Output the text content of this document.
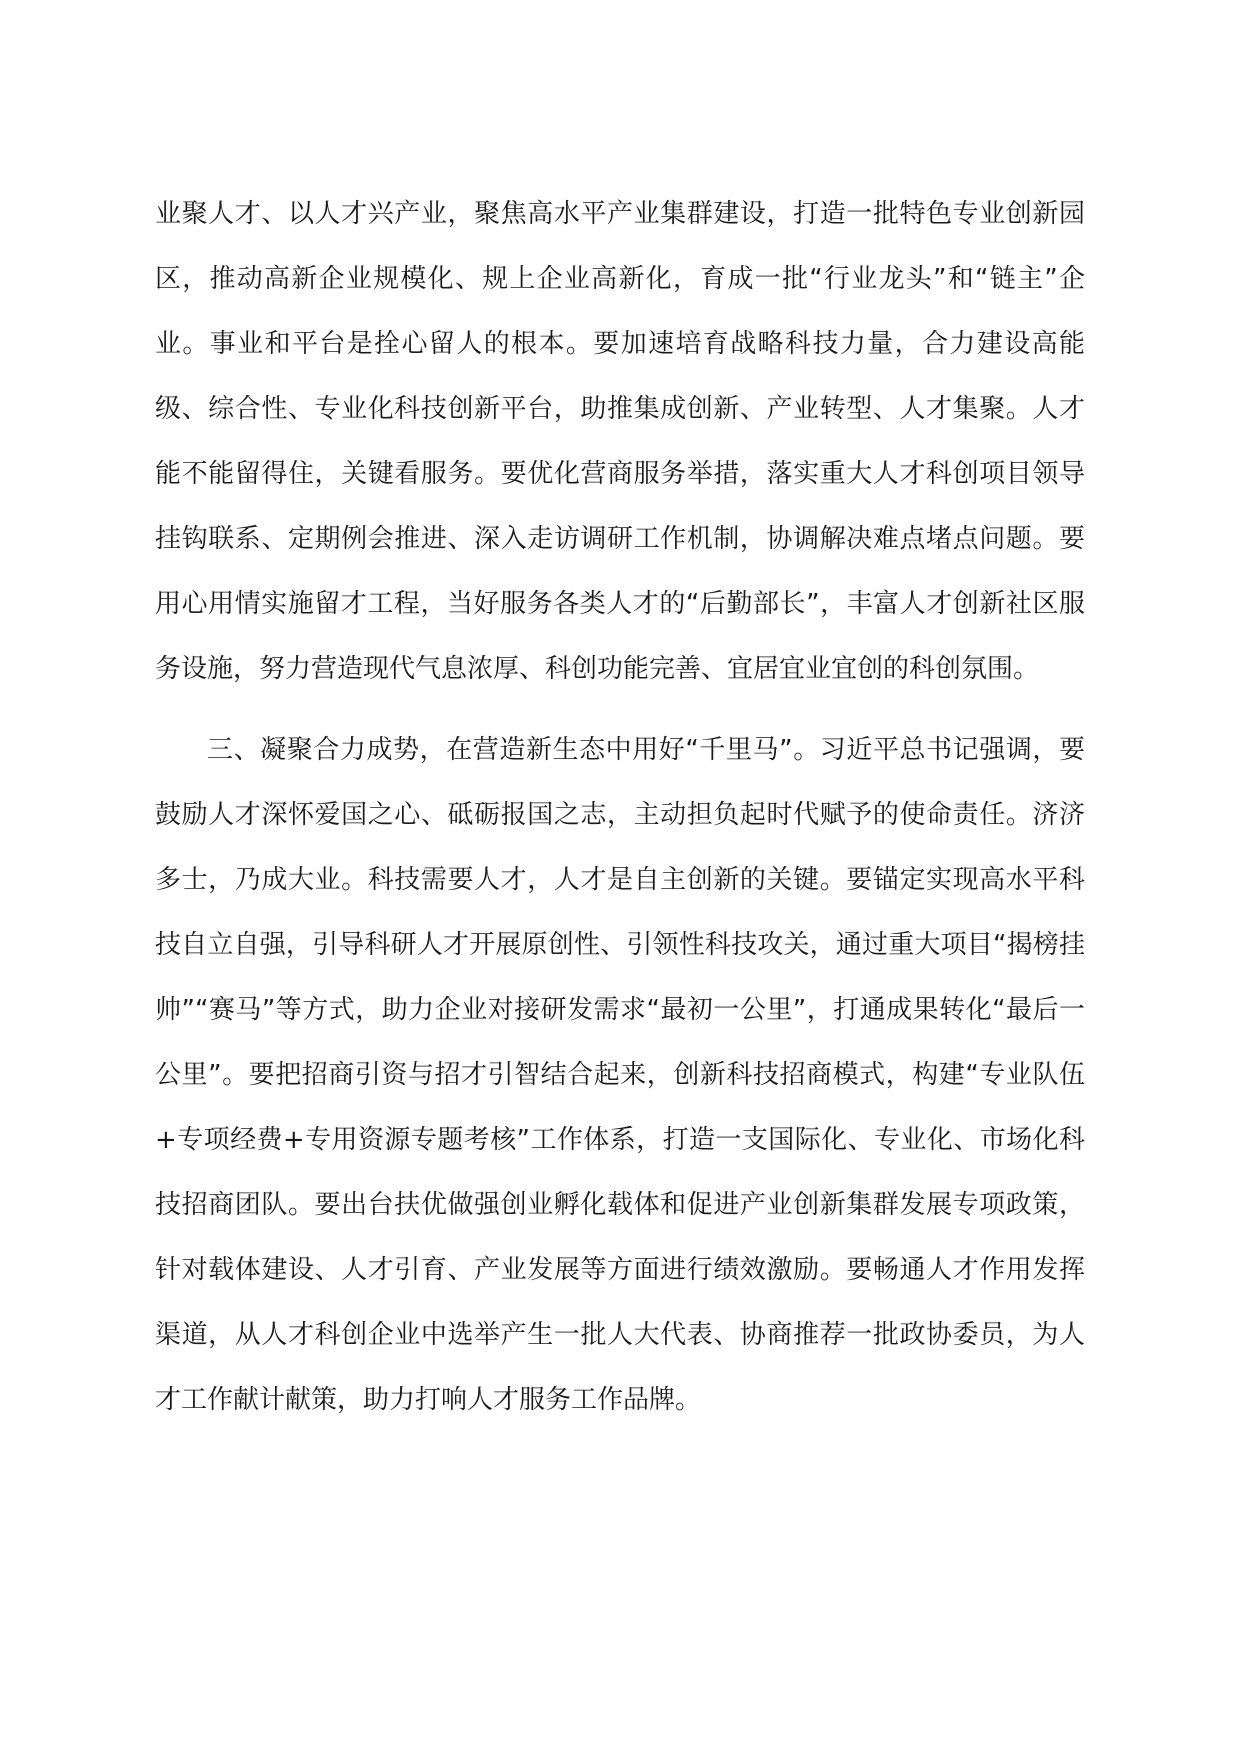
业聚人才、以人才兴产业，聚焦高水平产业集群建设，打造一批特色专业创新园区，推动高新企业规模化、规上企业高新化，育成一批“行业龙头”和“链主”企业。事业和平台是拴心留人的根本。要加速培育战略科技力量，合力建设高能级、综合性、专业化科技创新平台，助推集成创新、产业转型、人才集聚。人才能不能留得住，关键看服务。要优化营商服务举措，落实重大人才科创项目领导挂钩联系、定期例会推进、深入走访调研工作机制，协调解决难点堵点问题。要用心用情实施留才工程，当好服务各类人才的“后勤部长”，丰富人才创新社区服务设施，努力营造现代气息浓厚、科创功能完善、宜居宜业宜创的科创氛围。

三、凝聚合力成势，在营造新生态中用好“千里马”。习近平总书记强调，要鼓励人才深怀爱国之心、砥砺报国之志，主动担负起时代赋予的使命责任。济济多士，乃成大业。科技需要人才，人才是自主创新的关键。要锚定实现高水平科技自立自强，引导科研人才开展原创性、引领性科技攻关，通过重大项目“揭榜挂帅”“赛马”等方式，助力企业对接研发需求“最初一公里”，打通成果转化“最后一公里”。要把招商引资与招才引智结合起来，创新科技招商模式，构建“专业队伍+专项经费+专用资源专题考核”工作体系，打造一支国际化、专业化、市场化科技招商团队。要出台扶优做强创业孵化载体和促进产业创新集群发展专项政策，针对载体建设、人才引育、产业发展等方面进行绩效激励。要畅通人才作用发挥渠道，从人才科创企业中选举产生一批人大代表、协商推荐一批政协委员，为人才工作献计献策，助力打响人才服务工作品牌。
